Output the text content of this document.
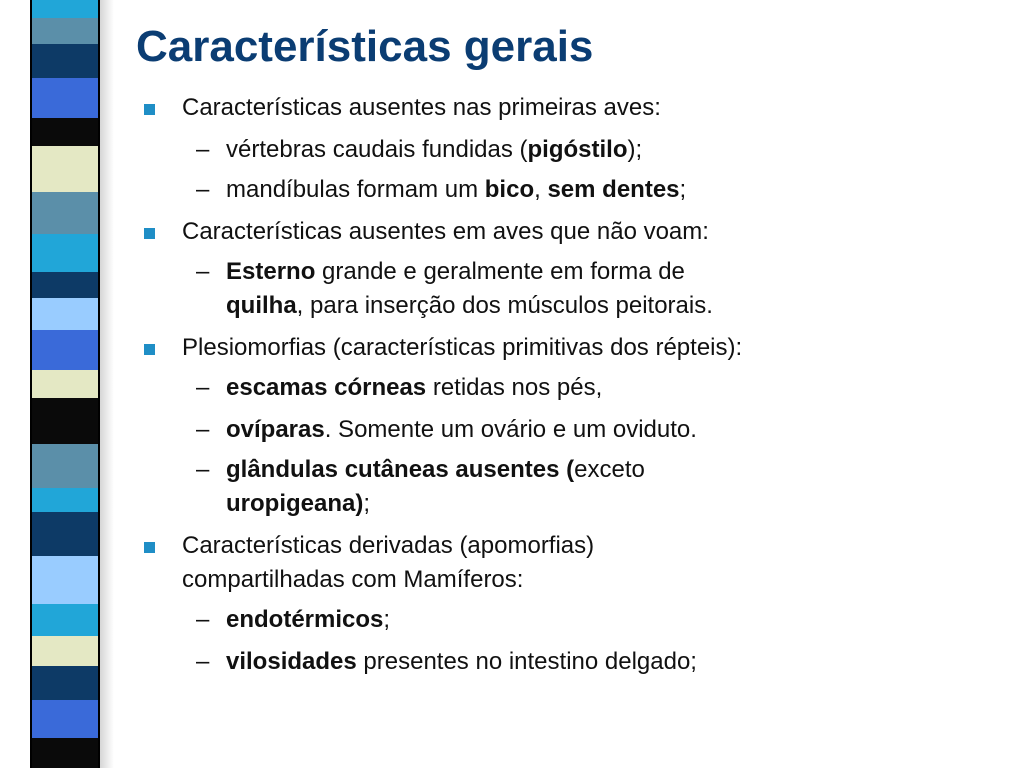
Características gerais
Características ausentes nas primeiras aves:
– vértebras caudais fundidas (pigóstilo);
– mandíbulas formam um bico, sem dentes;
Características ausentes em aves que não voam:
– Esterno grande e geralmente em forma de
quilha, para inserção dos músculos peitorais.
Plesiomorfias (características primitivas dos répteis):
– escamas córneas retidas nos pés,
– ovíparas. Somente um ovário e um oviduto.
– glândulas cutâneas ausentes (exceto
uropigeana);
Características derivadas (apomorfias)
compartilhadas com Mamíferos:
– endotérmicos;
– vilosidades presentes no intestino delgado;
